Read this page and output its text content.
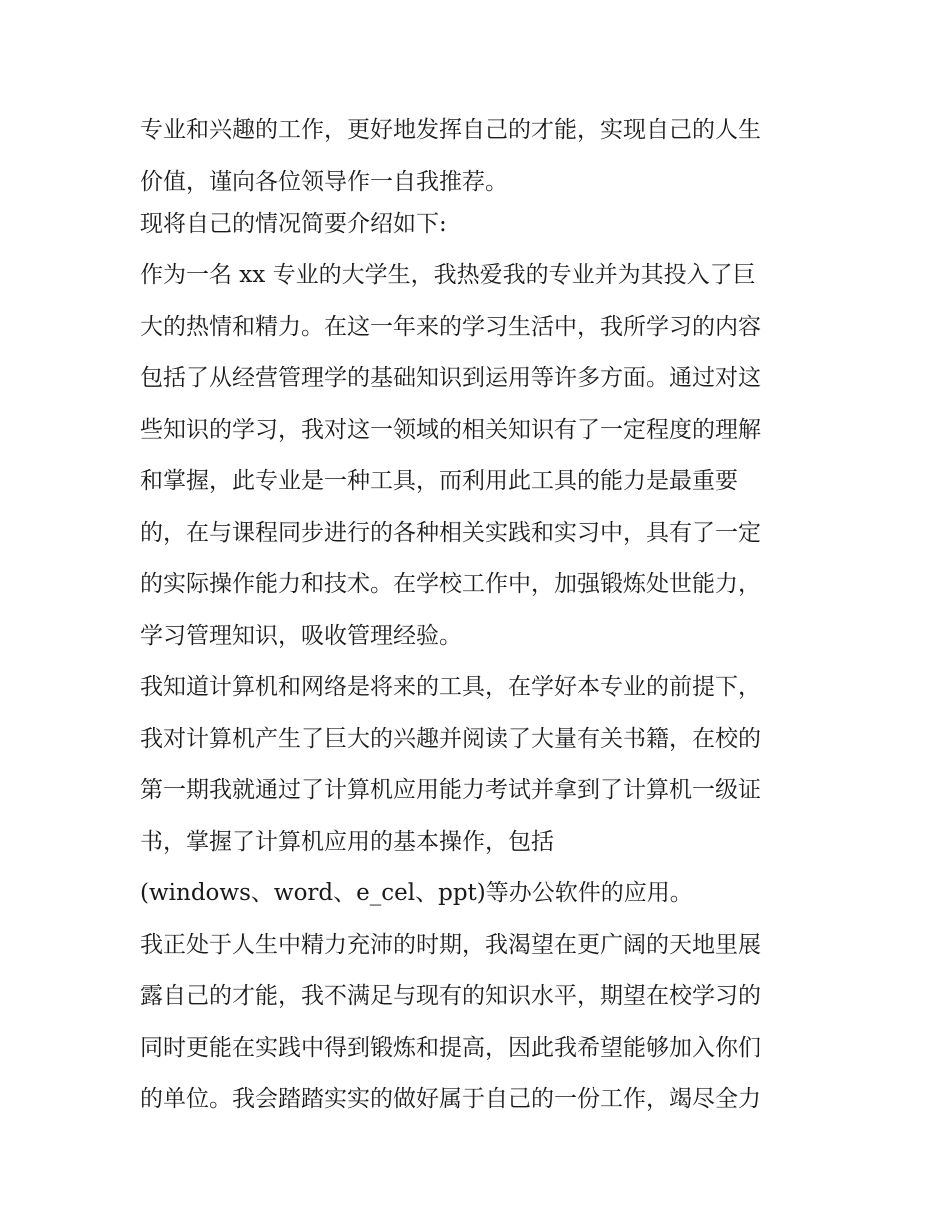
专业和兴趣的工作，更好地发挥自己的才能，实现自己的人生
价值，谨向各位领导作一自我推荐。
现将自己的情况简要介绍如下:
作为一名 xx 专业的大学生，我热爱我的专业并为其投入了巨
大的热情和精力。在这一年来的学习生活中，我所学习的内容
包括了从经营管理学的基础知识到运用等许多方面。通过对这
些知识的学习，我对这一领域的相关知识有了一定程度的理解
和掌握，此专业是一种工具，而利用此工具的能力是最重要
的，在与课程同步进行的各种相关实践和实习中，具有了一定
的实际操作能力和技术。在学校工作中，加强锻炼处世能力，
学习管理知识，吸收管理经验。
我知道计算机和网络是将来的工具，在学好本专业的前提下，
我对计算机产生了巨大的兴趣并阅读了大量有关书籍，在校的
第一期我就通过了计算机应用能力考试并拿到了计算机一级证
书，掌握了计算机应用的基本操作，包括
(windows、word、e_cel、ppt)等办公软件的应用。
我正处于人生中精力充沛的时期，我渴望在更广阔的天地里展
露自己的才能，我不满足与现有的知识水平，期望在校学习的
同时更能在实践中得到锻炼和提高，因此我希望能够加入你们
的单位。我会踏踏实实的做好属于自己的一份工作，竭尽全力
